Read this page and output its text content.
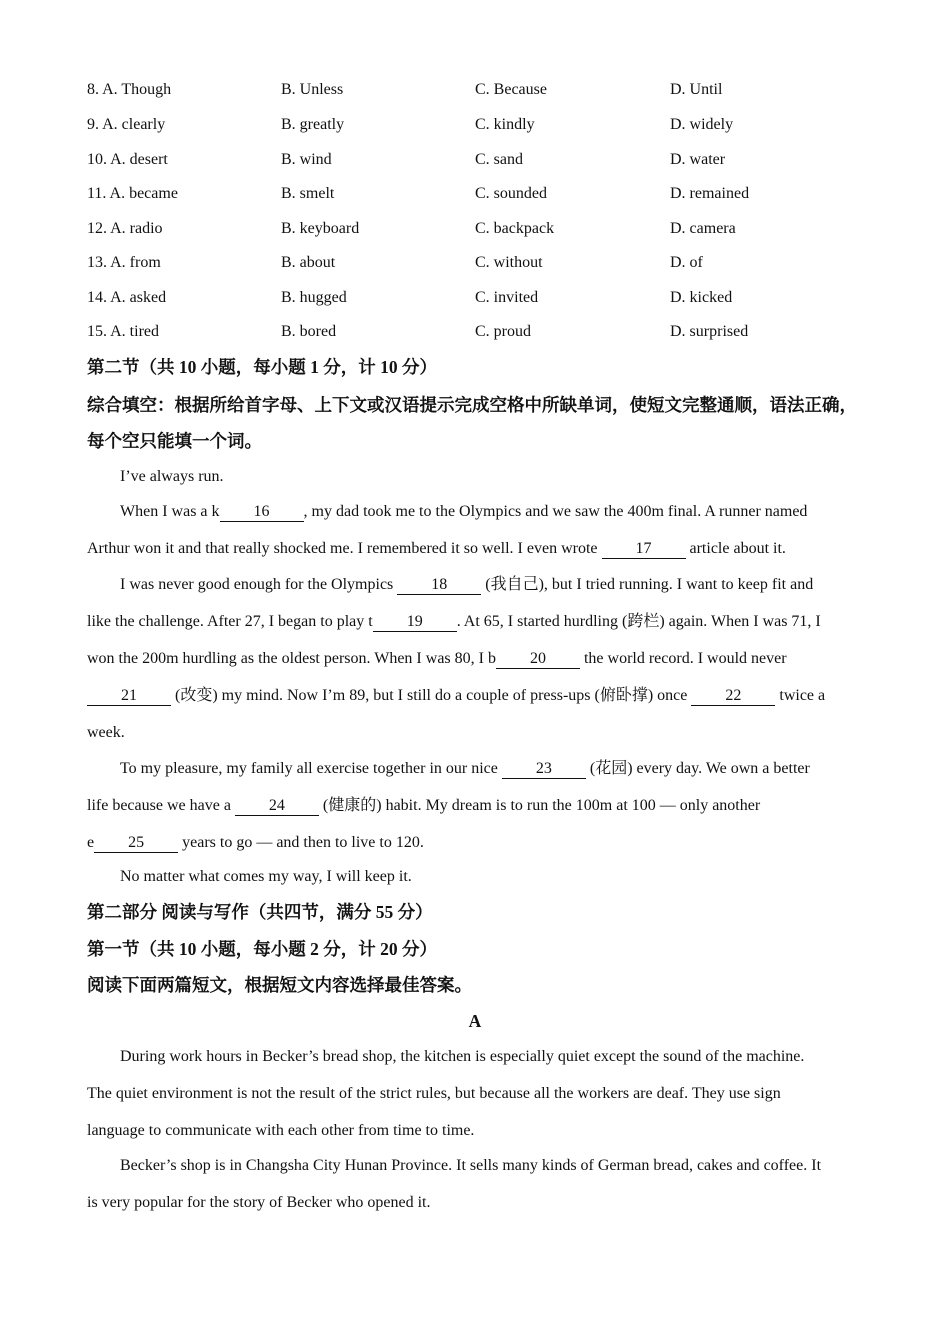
8. A. Though	B. Unless	C. Because	D. Until
9. A. clearly	B. greatly	C. kindly	D. widely
10. A. desert	B. wind	C. sand	D. water
11. A. became	B. smelt	C. sounded	D. remained
12. A. radio	B. keyboard	C. backpack	D. camera
13. A. from	B. about	C. without	D. of
14. A. asked	B. hugged	C. invited	D. kicked
15. A. tired	B. bored	C. proud	D. surprised
第二节（共 10 小题，每小题 1 分，计 10 分）
综合填空：根据所给首字母、上下文或汉语提示完成空格中所缺单词，使短文完整通顺，语法正确，每个空只能填一个词。
I’ve always run.
When I was a k 16 , my dad took me to the Olympics and we saw the 400m final. A runner named
Arthur won it and that really shocked me. I remembered it so well. I even wrote 17 article about it.
I was never good enough for the Olympics 18 (我自己), but I tried running. I want to keep fit and
like the challenge. After 27, I began to play t 19 . At 65, I started hurdling (跨栏) again. When I was 71, I
won the 200m hurdling as the oldest person. When I was 80, I b 20 the world record. I would never
21 (改变) my mind. Now I’m 89, but I still do a couple of press-ups (俯卧撑) once 22 twice a
week.
To my pleasure, my family all exercise together in our nice 23 (花园) every day. We own a better
life because we have a 24 (健康的) habit. My dream is to run the 100m at 100 — only another
e 25 years to go — and then to live to 120.
No matter what comes my way, I will keep it.
第二部分 阅读与写作（共四节，满分 55 分）
第一节（共 10 小题，每小题 2 分，计 20 分）
阅读下面两篇短文，根据短文内容选择最佳答案。
A
During work hours in Becker’s bread shop, the kitchen is especially quiet except the sound of the machine.
The quiet environment is not the result of the strict rules, but because all the workers are deaf. They use sign
language to communicate with each other from time to time.
Becker’s shop is in Changsha City Hunan Province. It sells many kinds of German bread, cakes and coffee. It
is very popular for the story of Becker who opened it.
